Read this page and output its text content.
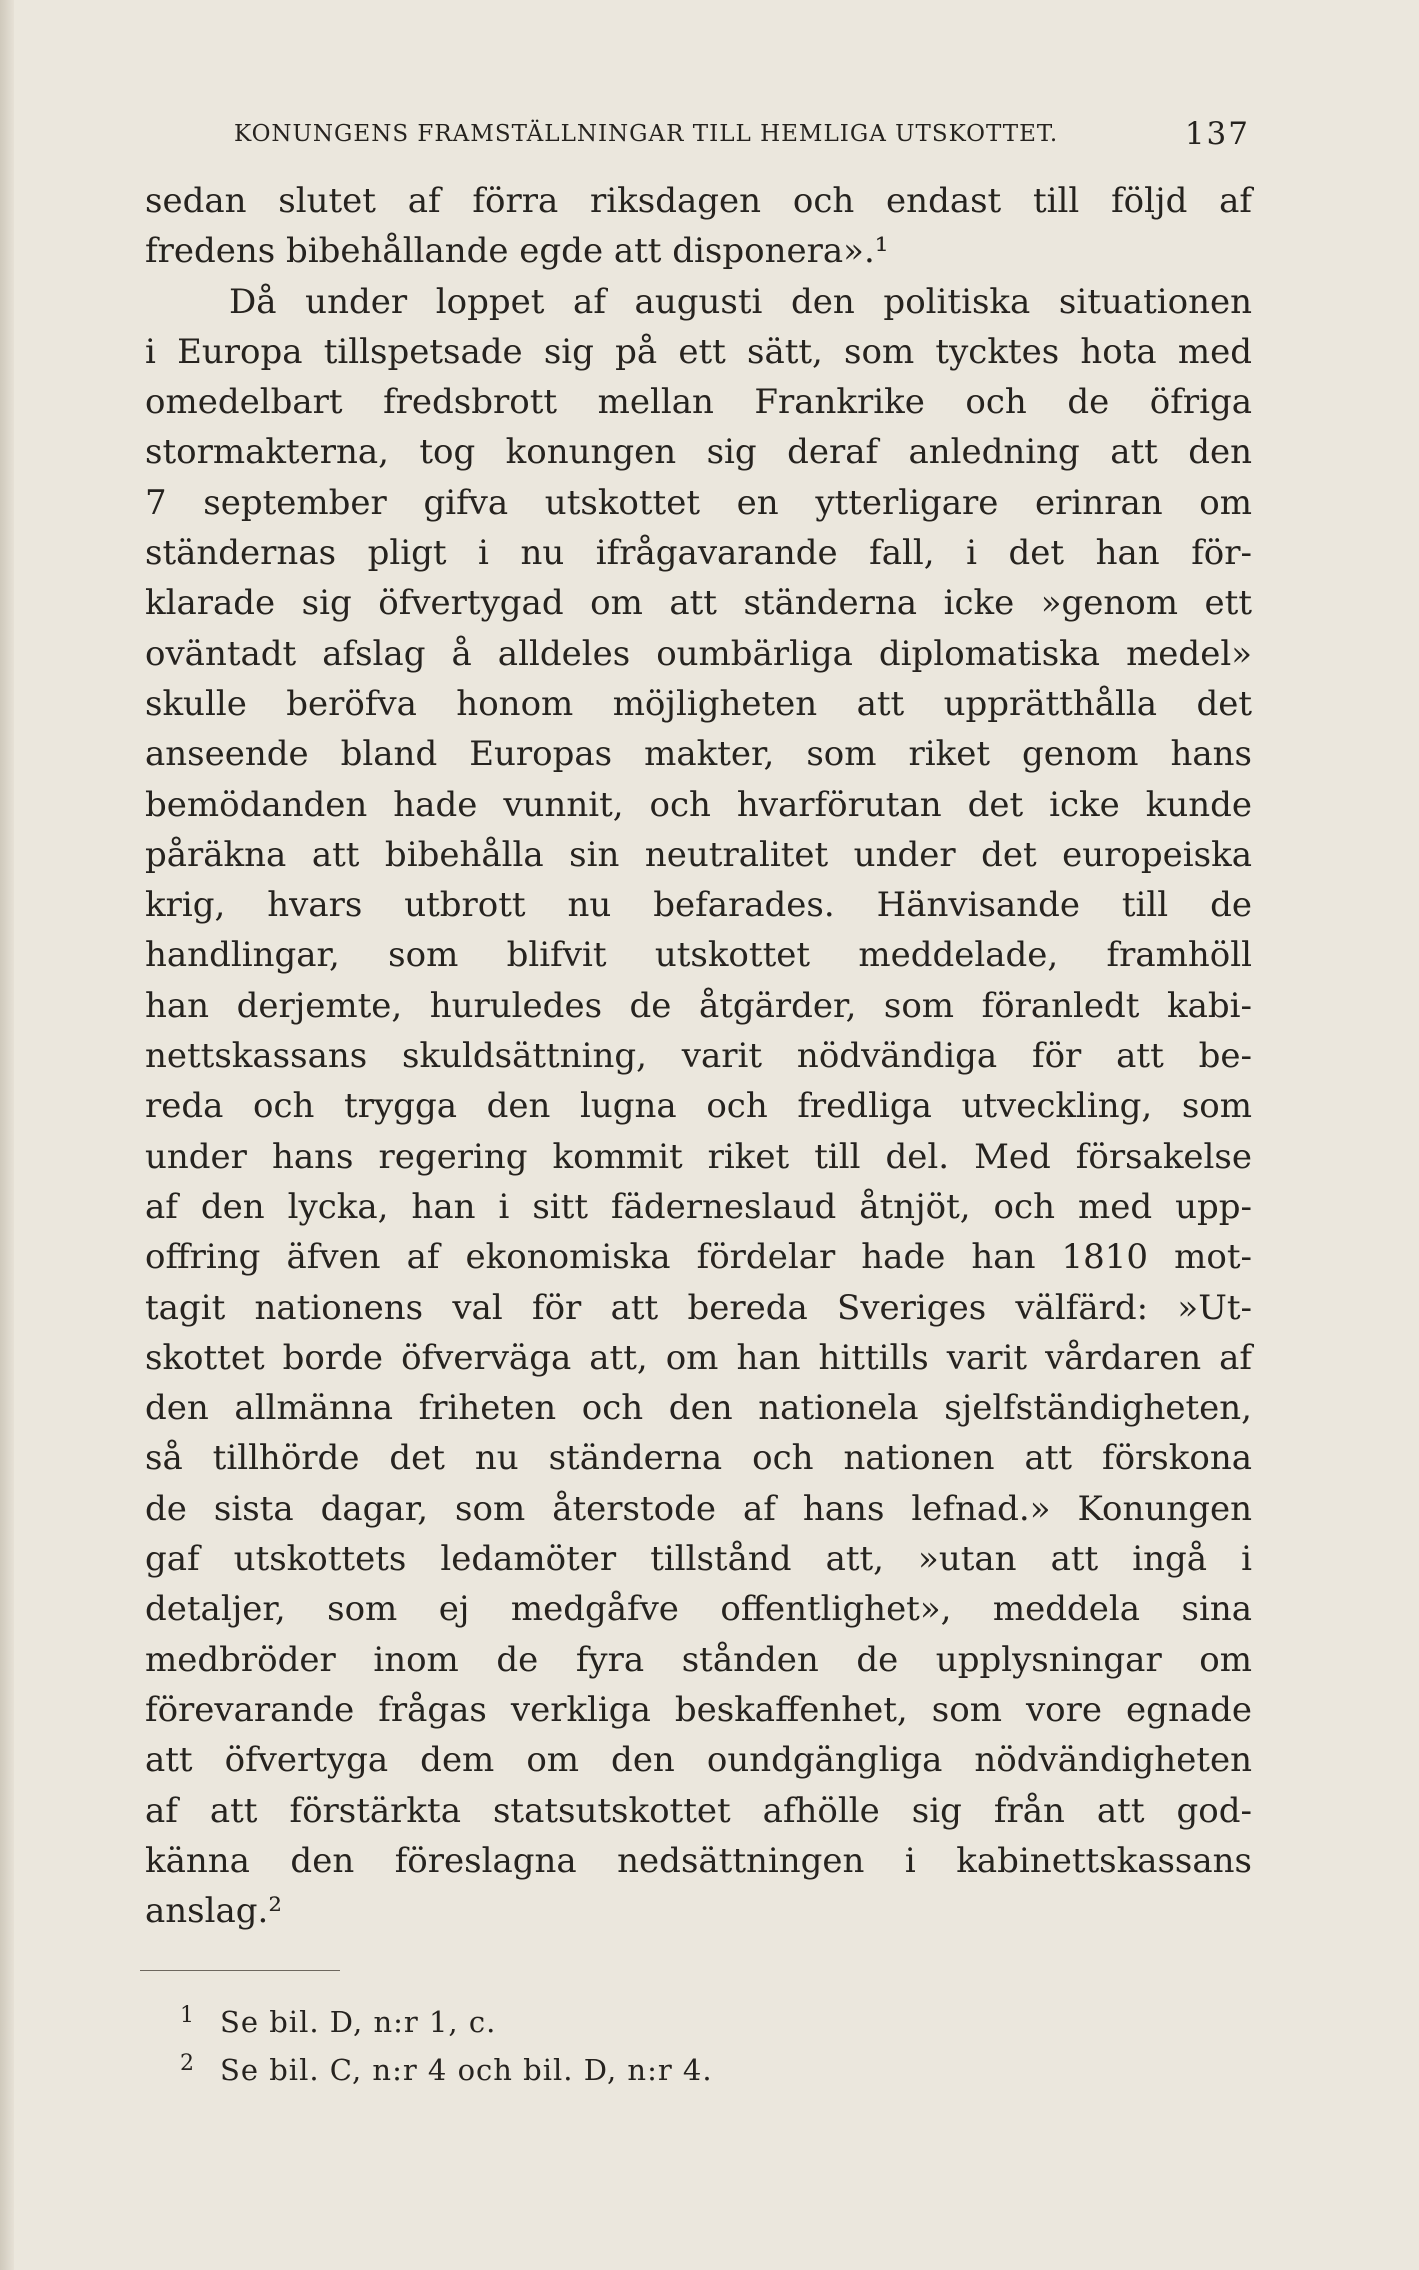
KONUNGENS FRAMSTÄLLNINGAR TILL HEMLIGA UTSKOTTET.	137
sedan slutet af förra riksdagen och endast till följd af
fredens bibehållande egde att disponera».¹
Då under loppet af augusti den politiska situationen
i Europa tillspetsade sig på ett sätt, som tycktes hota med
omedelbart fredsbrott mellan Frankrike och de öfriga
stormakterna, tog konungen sig deraf anledning att den
7 september gifva utskottet en ytterligare erinran om
ständernas pligt i nu ifrågavarande fall, i det han för-
klarade sig öfvertygad om att ständerna icke »genom ett
oväntadt afslag å alldeles oumbärliga diplomatiska medel»
skulle beröfva honom möjligheten att upprätthålla det
anseende bland Europas makter, som riket genom hans
bemödanden hade vunnit, och hvarförutan det icke kunde
påräkna att bibehålla sin neutralitet under det europeiska
krig, hvars utbrott nu befarades. Hänvisande till de
handlingar, som blifvit utskottet meddelade, framhöll
han derjemte, huruledes de åtgärder, som föranledt kabi-
nettskassans skuldsättning, varit nödvändiga för att be-
reda och trygga den lugna och fredliga utveckling, som
under hans regering kommit riket till del. Med försakelse
af den lycka, han i sitt fäderneslaud åtnjöt, och med upp-
offring äfven af ekonomiska fördelar hade han 1810 mot-
tagit nationens val för att bereda Sveriges välfärd: »Ut-
skottet borde öfverväga att, om han hittills varit vårdaren af
den allmänna friheten och den nationela sjelfständigheten,
så tillhörde det nu ständerna och nationen att förskona
de sista dagar, som återstode af hans lefnad.» Konungen
gaf utskottets ledamöter tillstånd att, »utan att ingå i
detaljer, som ej medgåfve offentlighet», meddela sina
medbröder inom de fyra stånden de upplysningar om
förevarande frågas verkliga beskaffenhet, som vore egnade
att öfvertyga dem om den oundgängliga nödvändigheten
af att förstärkta statsutskottet afhölle sig från att god-
känna den föreslagna nedsättningen i kabinettskassans
anslag.²
1 Se bil. D, n:r 1, c.
2 Se bil. C, n:r 4 och bil. D, n:r 4.
